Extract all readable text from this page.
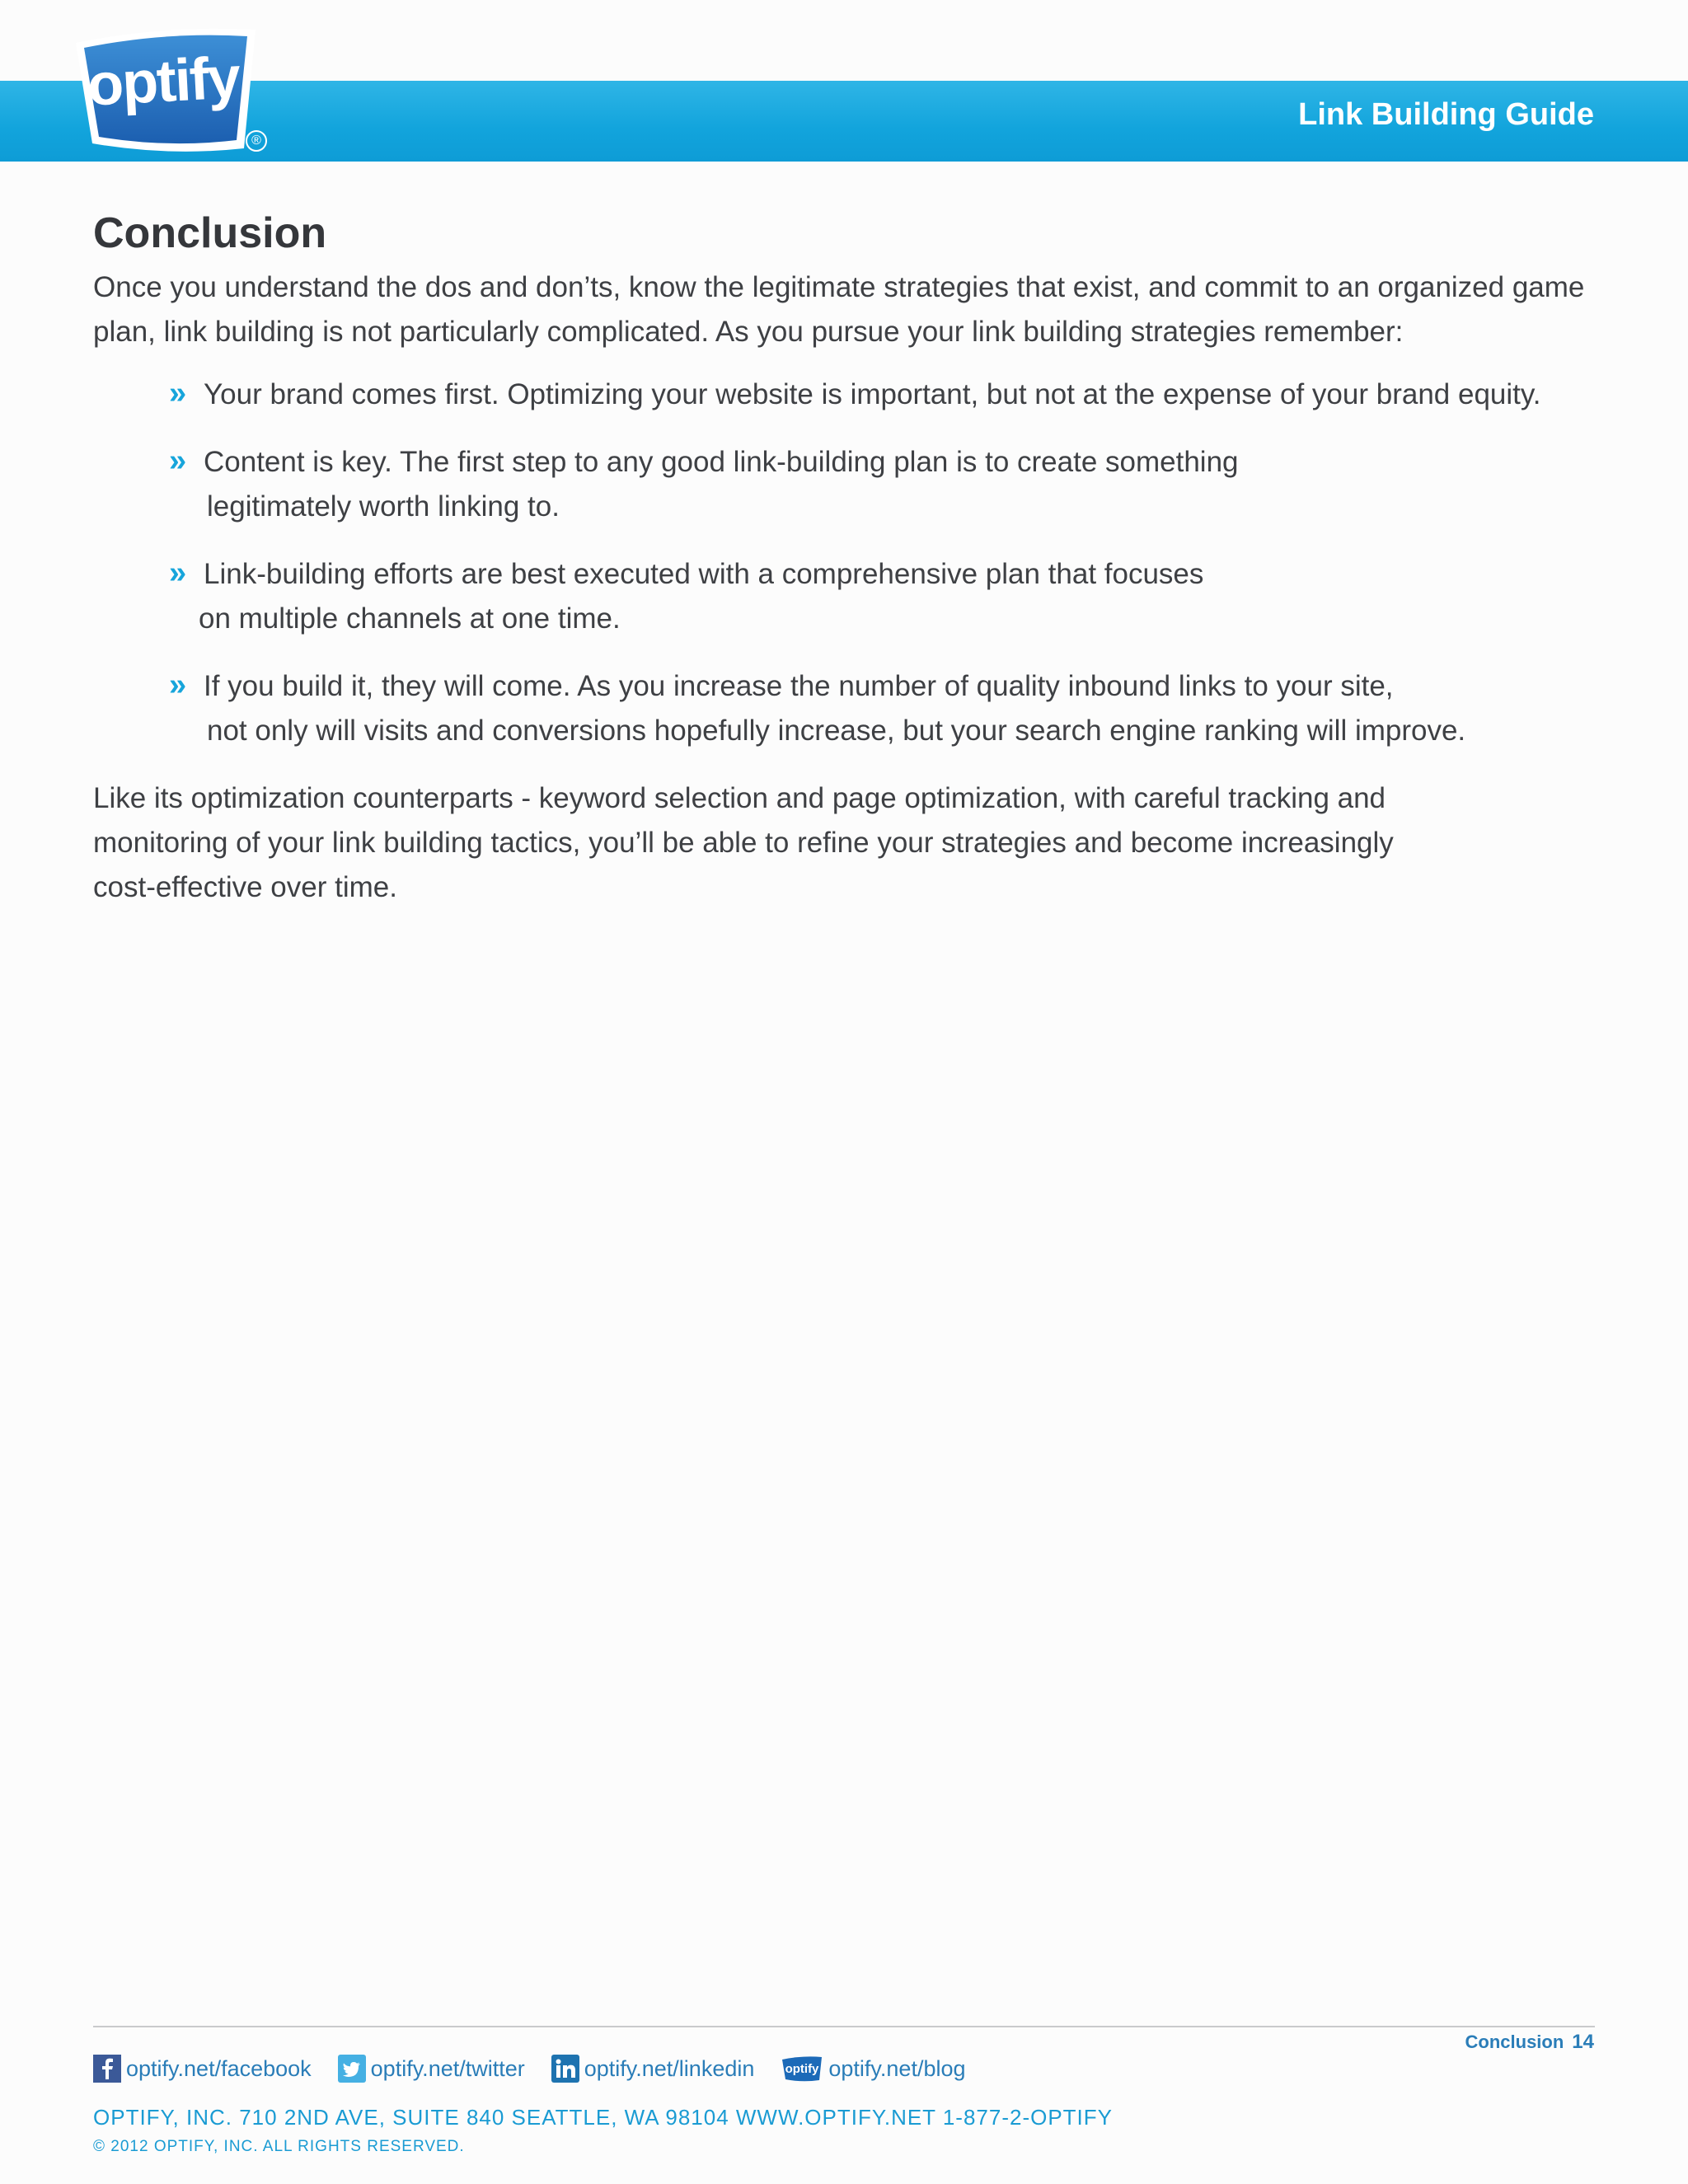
optify
®
Link Building Guide
Conclusion

Once you understand the dos and don’ts, know the legitimate strategies that exist, and commit to an organized game plan, link building is not particularly complicated. As you pursue your link building strategies remember:

» Your brand comes first. Optimizing your website is important, but not at the expense of your brand equity.
» Content is key. The first step to any good link-building plan is to create something
legitimately worth linking to.
» Link-building efforts are best executed with a comprehensive plan that focuses
on multiple channels at one time.
» If you build it, they will come. As you increase the number of quality inbound links to your site,
not only will visits and conversions hopefully increase, but your search engine ranking will improve.

Like its optimization counterparts - keyword selection and page optimization, with careful tracking and
monitoring of your link building tactics, you’ll be able to refine your strategies and become increasingly
cost-effective over time.

optify.net/facebook	optify.net/twitter	optify.net/linkedin	optify optify.net/blog
Conclusion 14
OPTIFY, INC. 710 2ND AVE, SUITE 840 SEATTLE, WA 98104 WWW.OPTIFY.NET 1-877-2-OPTIFY
© 2012 OPTIFY, INC. ALL RIGHTS RESERVED.
